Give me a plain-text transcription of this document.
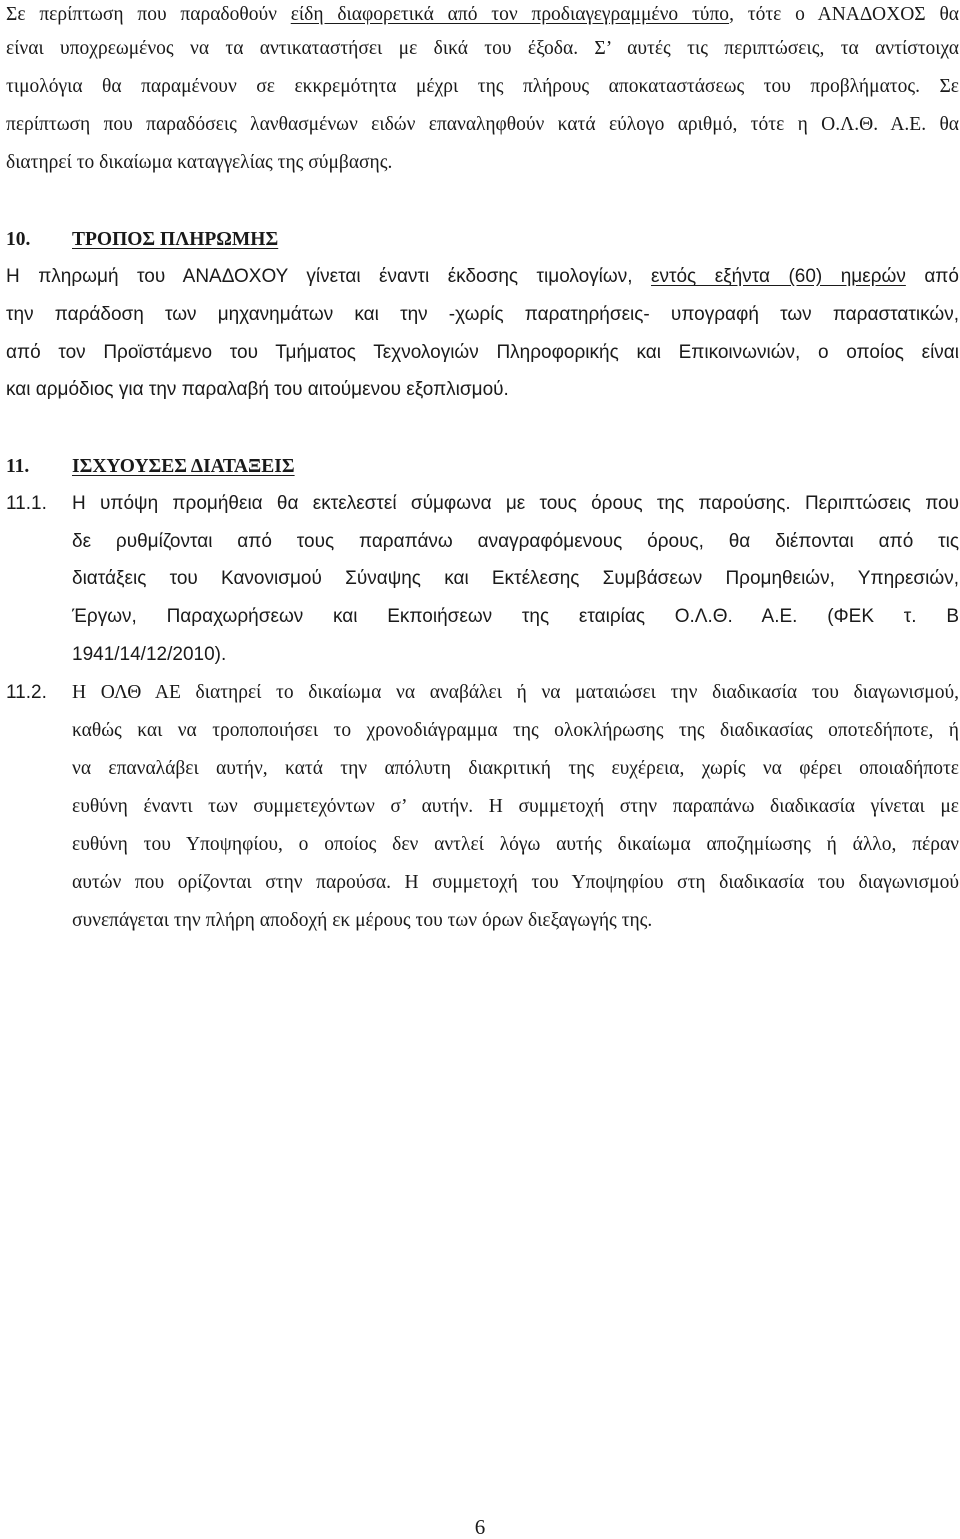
Σε περίπτωση που παραδοθούν είδη διαφορετικά από τον προδιαγεγραμμένο τύπο, τότε ο ΑΝΑΔΟΧΟΣ θα
είναι υποχρεωμένος να τα αντικαταστήσει με δικά του έξοδα. Σ’ αυτές τις περιπτώσεις, τα αντίστοιχα
τιμολόγια θα παραμένουν σε εκκρεμότητα μέχρι της πλήρους αποκαταστάσεως του προβλήματος. Σε
περίπτωση που παραδόσεις λανθασμένων ειδών επαναληφθούν κατά εύλογο αριθμό, τότε η Ο.Λ.Θ. Α.Ε. θα
διατηρεί το δικαίωμα καταγγελίας της σύμβασης.
10. ΤΡΟΠΟΣ ΠΛΗΡΩΜΗΣ
Η πληρωμή του ΑΝΑΔΟΧΟΥ γίνεται έναντι έκδοσης τιμολογίων, εντός εξήντα (60) ημερών από
την παράδοση των μηχανημάτων και την -χωρίς παρατηρήσεις- υπογραφή των παραστατικών,
από τον Προϊστάμενο του Τμήματος Τεχνολογιών Πληροφορικής και Επικοινωνιών, ο οποίος είναι
και αρμόδιος για την παραλαβή του αιτούμενου εξοπλισμού.
11. ΙΣΧΥΟΥΣΕΣ ΔΙΑΤΑΞΕΙΣ
11.1. Η υπόψη προμήθεια θα εκτελεστεί σύμφωνα με τους όρους της παρούσης. Περιπτώσεις που
δε ρυθμίζονται από τους παραπάνω αναγραφόμενους όρους, θα διέπονται από τις
διατάξεις του Κανονισμού Σύναψης και Εκτέλεσης Συμβάσεων Προμηθειών, Υπηρεσιών,
Έργων, Παραχωρήσεων και Εκποιήσεων της εταιρίας Ο.Λ.Θ. Α.Ε. (ΦΕΚ τ. Β
1941/14/12/2010).
11.2. Η ΟΛΘ ΑΕ διατηρεί το δικαίωμα να αναβάλει ή να ματαιώσει την διαδικασία του διαγωνισμού,
καθώς και να τροποποιήσει το χρονοδιάγραμμα της ολοκλήρωσης της διαδικασίας οποτεδήποτε, ή
να επαναλάβει αυτήν, κατά την απόλυτη διακριτική της ευχέρεια, χωρίς να φέρει οποιαδήποτε
ευθύνη έναντι των συμμετεχόντων σ’ αυτήν. Η συμμετοχή στην παραπάνω διαδικασία γίνεται με
ευθύνη του Υποψηφίου, ο οποίος δεν αντλεί λόγω αυτής δικαίωμα αποζημίωσης ή άλλο, πέραν
αυτών που ορίζονται στην παρούσα. Η συμμετοχή του Υποψηφίου στη διαδικασία του διαγωνισμού
συνεπάγεται την πλήρη αποδοχή εκ μέρους του των όρων διεξαγωγής της.
6
